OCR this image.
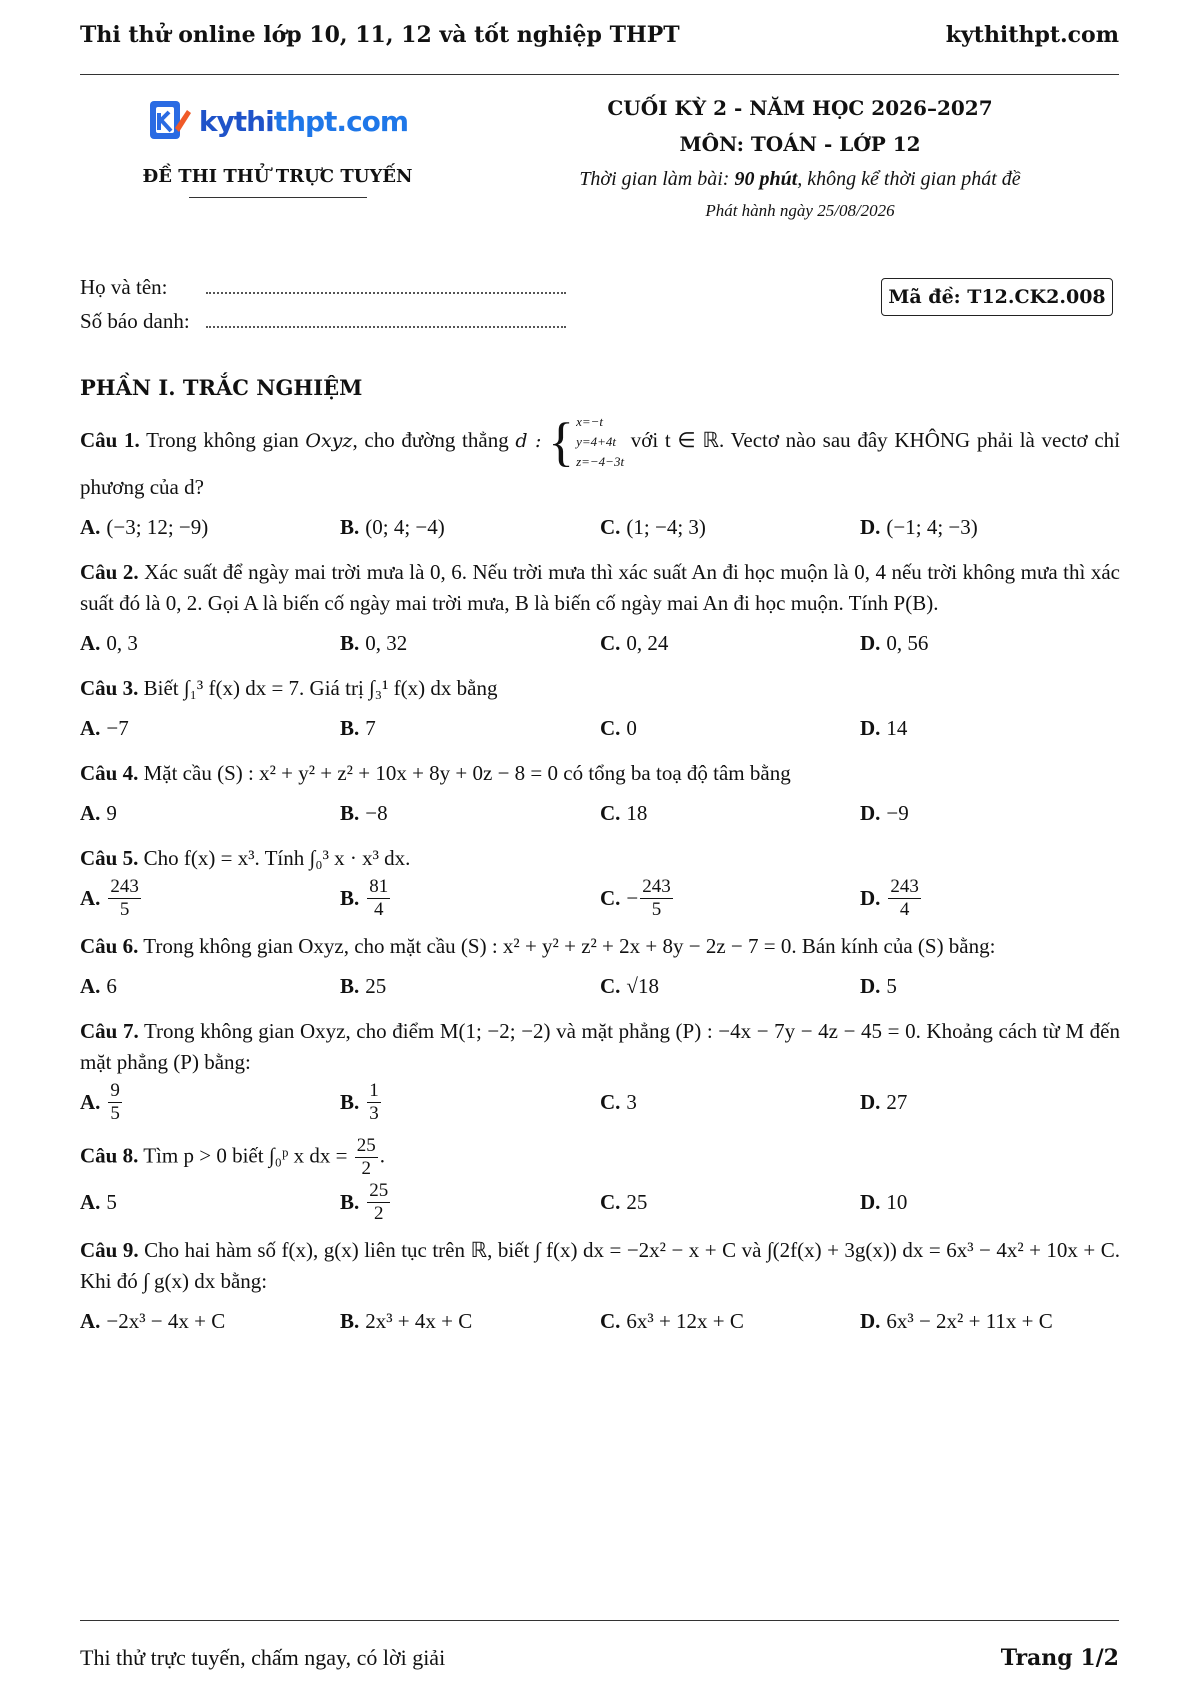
Thi thử online lớp 10, 11, 12 và tốt nghiệp THPT	kythithpt.com
kythithpt.com
ĐỀ THI THỬ TRỰC TUYẾN
CUỐI KỲ 2 - NĂM HỌC 2026–2027
MÔN: TOÁN - LỚP 12
Thời gian làm bài: 90 phút, không kể thời gian phát đề
Phát hành ngày 25/08/2026
Họ và tên:
Số báo danh:
Mã đề: T12.CK2.008
PHẦN I. TRẮC NGHIỆM
Câu 1. Trong không gian Oxyz, cho đường thẳng d : { x=−t
y=4+4t
z=−4−3t
với t ∈ ℝ. Vectơ nào sau đây KHÔNG phải là vectơ chỉ phương của d?
A. (−3; 12; −9)	B. (0; 4; −4)	C. (1; −4; 3)	D. (−1; 4; −3)
Câu 2. Xác suất để ngày mai trời mưa là 0, 6. Nếu trời mưa thì xác suất An đi học muộn là 0, 4 nếu trời không mưa thì xác suất đó là 0, 2. Gọi A là biến cố ngày mai trời mưa, B là biến cố ngày mai An đi học muộn. Tính P(B).
A. 0, 3	B. 0, 32	C. 0, 24	D. 0, 56
Câu 3. Biết ∫₁³ f(x) dx = 7. Giá trị ∫₃¹ f(x) dx bằng
A. −7	B. 7	C. 0	D. 14
Câu 4. Mặt cầu (S) : x² + y² + z² + 10x + 8y + 0z − 8 = 0 có tổng ba toạ độ tâm bằng
A. 9	B. −8	C. 18	D. −9
Câu 5. Cho f(x) = x³. Tính ∫₀³ x · x³ dx.
A. $\frac{243}{5}$	B. $\frac{81}{4}$	C. − $\frac{243}{5}$	D. $\frac{243}{4}$
Câu 6. Trong không gian Oxyz, cho mặt cầu (S) : x² + y² + z² + 2x + 8y − 2z − 7 = 0. Bán kính của (S) bằng:
A. 6	B. 25	C. √18	D. 5
Câu 7. Trong không gian Oxyz, cho điểm M(1; −2; −2) và mặt phẳng (P) : −4x − 7y − 4z − 45 = 0. Khoảng cách từ M đến mặt phẳng (P) bằng:
A. $\frac{9}{5}$	B. $\frac{1}{3}$	C. 3	D. 27
Câu 8. Tìm p > 0 biết ∫₀ᵖ x dx = $\frac{25}{2}$ .
A. 5	B. $\frac{25}{2}$	C. 25	D. 10
Câu 9. Cho hai hàm số f(x), g(x) liên tục trên ℝ, biết ∫ f(x) dx = −2x² − x + C và ∫(2f(x) + 3g(x)) dx = 6x³ − 4x² + 10x + C. Khi đó ∫ g(x) dx bằng:
A. −2x³ − 4x + C	B. 2x³ + 4x + C	C. 6x³ + 12x + C	D. 6x³ − 2x² + 11x + C
Thi thử trực tuyến, chấm ngay, có lời giải	Trang 1/2
